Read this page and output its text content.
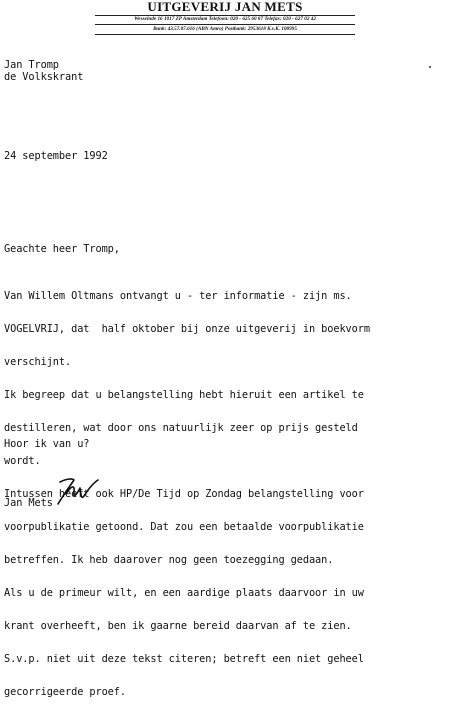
UITGEVERIJ JAN METS
Wesseinde 16 1017 ZP Amsterdam Telefoon: 020 - 625 60 87 Telefax: 020 - 627 02 42
Bank: 43.57.87.616 (ABN Amro) Postbank: 2953618 K.v.K. 100995
Jan Tromp
de Volkskrant
24 september 1992
Geachte heer Tromp,

Van Willem Oltmans ontvangt u - ter informatie - zijn ms.

VOGELVRIJ, dat  half oktober bij onze uitgeverij in boekvorm

verschijnt.

Ik begreep dat u belangstelling hebt hieruit een artikel te

destilleren, wat door ons natuurlijk zeer op prijs gesteld

wordt.

Intussen heeft ook HP/De Tijd op Zondag belangstelling voor

voorpublikatie getoond. Dat zou een betaalde voorpublikatie

betreffen. Ik heb daarover nog geen toezegging gedaan.

Als u de primeur wilt, en een aardige plaats daarvoor in uw

krant overheeft, ben ik gaarne bereid daarvan af te zien.

S.v.p. niet uit deze tekst citeren; betreft een niet geheel

gecorrigeerde proef.

Hoor ik van u?
Jan Mets
